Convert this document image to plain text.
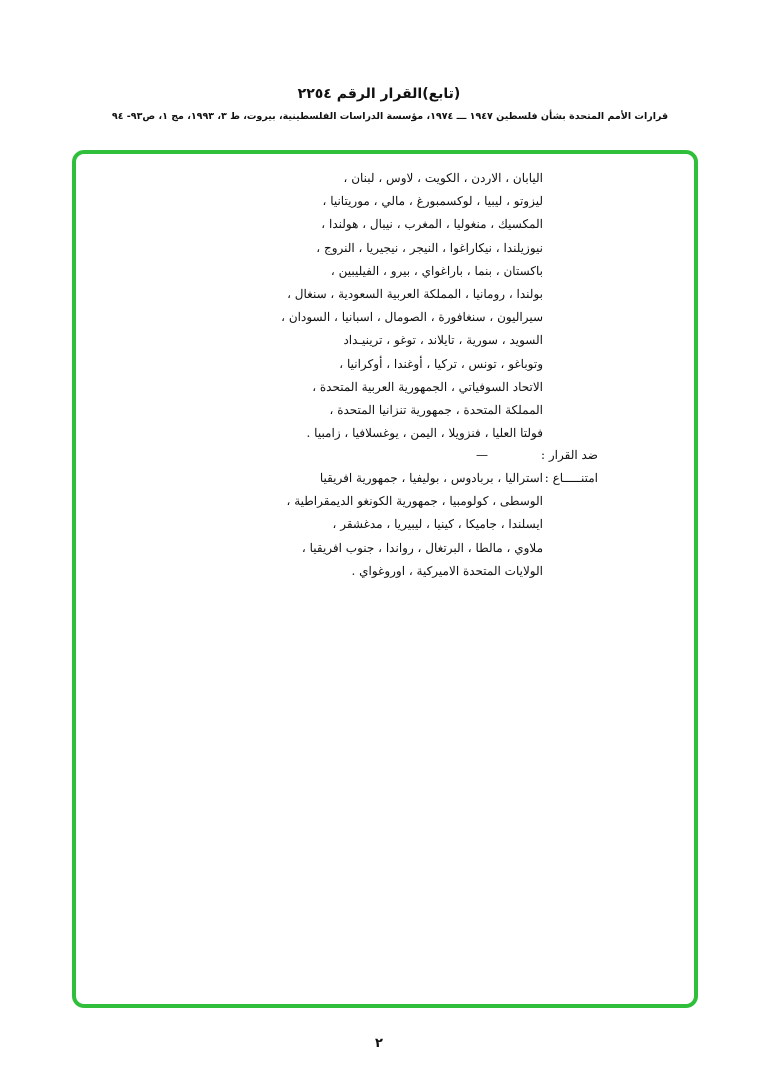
(تابع)القرار الرقم ٢٢٥٤
قرارات الأمم المتحدة بشأن فلسطين ١٩٤٧ ـــ ١٩٧٤، مؤسسة الدراسات الفلسطينية، بيروت، ط ٣، ١٩٩٣، مج ١، ص٩٣- ٩٤
اليابان ، الاردن ، الكويت ، لاوس ، لبنان ،
ليزوتو ، ليبيا ، لوكسمبورغ ، مالي ، موريتانيا ،
المكسيك ، منغوليا ، المغرب ، نيبال ، هولندا ،
نيوزيلندا ، نيكاراغوا ، النيجر ، نيجيريا ، النروج ،
باكستان ، بنما ، باراغواي ، بيرو ، الفيليبين ،
بولندا ، رومانيا ، المملكة العربية السعودية ، سنغال ،
سيراليون ، سنغافورة ، الصومال ، اسبانيا ، السودان ،
السويد ، سورية ، تايلاند ، توغو ، ترينيـداد
وتوباغو ، تونس ، تركيا ، أوغندا ، أوكرانيا ،
الاتحاد السوفياتي ، الجمهورية العربية المتحدة ،
المملكة المتحدة ، جمهورية تنزانيا المتحدة ،
فولتا العليا ، فنزويلا ، اليمن ، يوغسلافيا ، زامبيا .
ضد القرار :
—
امتنـــــاع :
استراليا ، بربادوس ، بوليفيا ، جمهورية افريقيا
الوسطى ، كولومبيا ، جمهورية الكونغو الديمقراطية ،
ايسلندا ، جاميكا ، كينيا ، ليبيريا ، مدغشقر ،
ملاوي ، مالطا ، البرتغال ، رواندا ، جنوب افريقيا ،
الولايات المتحدة الاميركية ، اوروغواي .
٢
